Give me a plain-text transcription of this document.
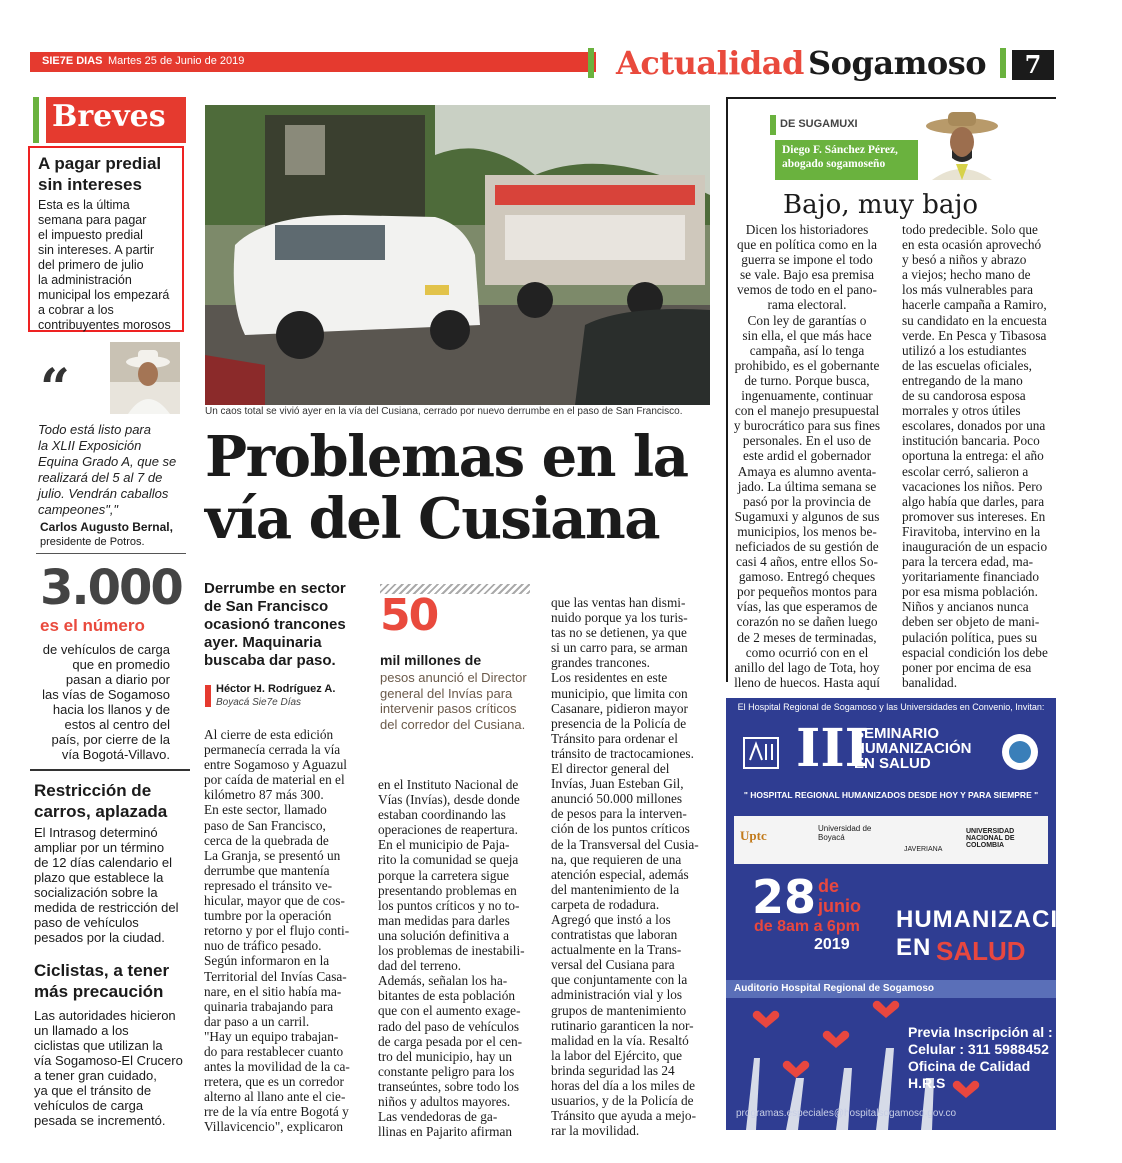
SIE7E DIAS Martes 25 de Junio de 2019	Actualidad Sogamoso	7
Breves
A pagar predial
sin intereses
Esta es la última
semana para pagar
el impuesto predial
sin intereses. A partir
del primero de julio
la administración
municipal los empezará
a cobrar a los
contribuyentes morosos
“
Todo está listo para
la XLII Exposición
Equina Grado A, que se
realizará del 5 al 7 de
julio. Vendrán caballos
campeones","
Carlos Augusto Bernal,
presidente de Potros.
3.000
es el número
de vehículos de carga
que en promedio
pasan a diario por
las vías de Sogamoso
hacia los llanos y de
estos al centro del
país, por cierre de la
vía Bogotá-Villavo.
Restricción de
carros, aplazada
El Intrasog determinó
ampliar por un término
de 12 días calendario el
plazo que establece la
socialización sobre la
medida de restricción del
paso de vehículos
pesados por la ciudad.
Ciclistas, a tener
más precaución
Las autoridades hicieron
un llamado a los
ciclistas que utilizan la
vía Sogamoso-El Crucero
a tener gran cuidado,
ya que el tránsito de
vehículos de carga
pesada se incrementó.
Un caos total se vivió ayer en la vía del Cusiana, cerrado por nuevo derrumbe en el paso de San Francisco.
Problemas en la
vía del Cusiana
Derrumbe en sector
de San Francisco
ocasionó trancones
ayer. Maquinaria
buscaba dar paso.
Héctor H. Rodríguez A.
Boyacá Sie7e Días
50
mil millones de
pesos anunció el Director
general del Invías para
intervenir pasos críticos
del corredor del Cusiana.
Al cierre de esta edición
permanecía cerrada la vía
entre Sogamoso y Aguazul
por caída de material en el
kilómetro 87 más 300.
En este sector, llamado
paso de San Francisco,
cerca de la quebrada de
La Granja, se presentó un
derrumbe que mantenía
represado el tránsito ve-
hicular, mayor que de cos-
tumbre por la operación
retorno y por el flujo conti-
nuo de tráfico pesado.
Según informaron en la
Territorial del Invías Casa-
nare, en el sitio había ma-
quinaria trabajando para
dar paso a un carril.
"Hay un equipo trabajan-
do para restablecer cuanto
antes la movilidad de la ca-
rretera, que es un corredor
alterno al llano ante el cie-
rre de la vía entre Bogotá y
Villavicencio", explicaron
en el Instituto Nacional de
Vías (Invías), desde donde
estaban coordinando las
operaciones de reapertura.
En el municipio de Paja-
rito la comunidad se queja
porque la carretera sigue
presentando problemas en
los puntos críticos y no to-
man medidas para darles
una solución definitiva a
los problemas de inestabili-
dad del terreno.
Además, señalan los ha-
bitantes de esta población
que con el aumento exage-
rado del paso de vehículos
de carga pesada por el cen-
tro del municipio, hay un
constante peligro para los
transeúntes, sobre todo los
niños y adultos mayores.
Las vendedoras de ga-
llinas en Pajarito afirman
que las ventas han dismi-
nuido porque ya los turis-
tas no se detienen, ya que
si un carro para, se arman
grandes trancones.
Los residentes en este
municipio, que limita con
Casanare, pidieron mayor
presencia de la Policía de
Tránsito para ordenar el
tránsito de tractocamiones.
El director general del
Invías, Juan Esteban Gil,
anunció 50.000 millones
de pesos para la interven-
ción de los puntos críticos
de la Transversal del Cusia-
na, que requieren de una
atención especial, además
del mantenimiento de la
carpeta de rodadura.
Agregó que instó a los
contratistas que laboran
actualmente en la Trans-
versal del Cusiana para
que conjuntamente con la
administración vial y los
grupos de mantenimiento
rutinario garanticen la nor-
malidad en la vía. Resaltó
la labor del Ejército, que
brinda seguridad las 24
horas del día a los miles de
usuarios, y de la Policía de
Tránsito que ayuda a mejo-
rar la movilidad.
DE SUGAMUXI
Diego F. Sánchez Pérez,
abogado sogamoseño
Bajo, muy bajo
Dicen los historiadores
que en política como en la
guerra se impone el todo
se vale. Bajo esa premisa
vemos de todo en el pano-
rama electoral.
Con ley de garantías o
sin ella, el que más hace
campaña, así lo tenga
prohibido, es el gobernante
de turno. Porque busca,
ingenuamente, continuar
con el manejo presupuestal
y burocrático para sus fines
personales. En el uso de
este ardid el gobernador
Amaya es alumno aventa-
jado. La última semana se
pasó por la provincia de
Sugamuxi y algunos de sus
municipios, los menos be-
neficiados de su gestión de
casi 4 años, entre ellos So-
gamoso. Entregó cheques
por pequeños montos para
vías, las que esperamos de
corazón no se dañen luego
de 2 meses de terminadas,
como ocurrió con en el
anillo del lago de Tota, hoy
lleno de huecos. Hasta aquí
todo predecible. Solo que
en esta ocasión aprovechó
y besó a niños y abrazo
a viejos; hecho mano de
los más vulnerables para
hacerle campaña a Ramiro,
su candidato en la encuesta
verde. En Pesca y Tibasosa
utilizó a los estudiantes
de las escuelas oficiales,
entregando de la mano
de su candorosa esposa
morrales y otros útiles
escolares, donados por una
institución bancaria. Poco
oportuna la entrega: el año
escolar cerró, salieron a
vacaciones los niños. Pero
algo había que darles, para
promover sus intereses. En
Firavitoba, intervino en la
inauguración de un espacio
para la tercera edad, ma-
yoritariamente financiado
por esa misma población.
Niños y ancianos nunca
deben ser objeto de mani-
pulación política, pues su
espacial condición los debe
poner por encima de esa
banalidad.
El Hospital Regional de Sogamoso y las Universidades en Convenio, Invitan:
III
SEMINARIO
HUMANIZACIÓN
EN SALUD
" HOSPITAL REGIONAL HUMANIZADOS DESDE HOY Y PARA SIEMPRE "
Uptc	Universidad de Boyacá
JAVERIANA
UNIVERSIDAD NACIONAL DE COLOMBIA
28 de
junio
de 8am a 6pm
2019
HUMANIZACION EN SALUD
Auditorio Hospital Regional de Sogamoso
Previa Inscripción al :
Celular : 311 5988452
Oficina de Calidad H.R.S
programas.especiales@hospitalsogamoso.gov.co
